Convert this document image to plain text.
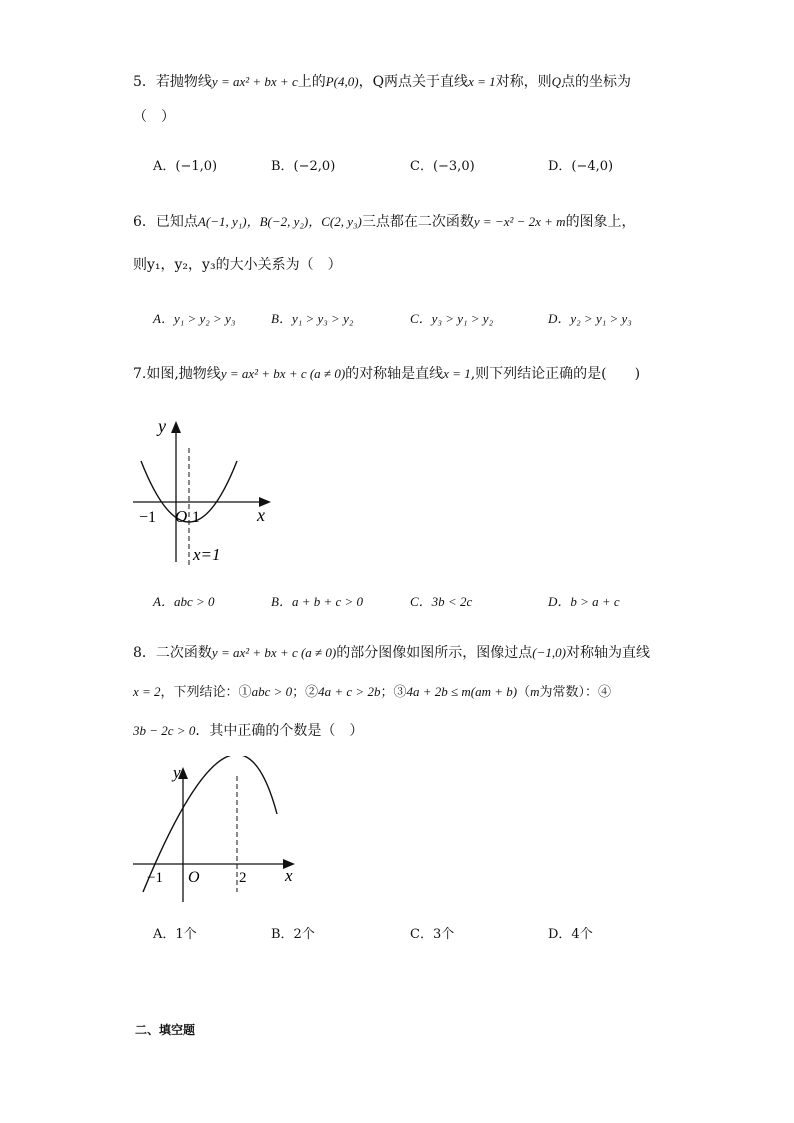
5．若抛物线y = ax² + bx + c上的P(4,0)，Q两点关于直线x = 1对称，则Q点的坐标为
（　）
A．(−1,0)	B．(−2,0)	C．(−3,0)	D．(−4,0)
6．已知点A(−1, y₁)，B(−2, y₂)，C(2, y₃)三点都在二次函数y = −x² − 2x + m的图象上，
则y₁，y₂，y₃的大小关系为（　）
A．y₁ > y₂ > y₃	B．y₁ > y₃ > y₂	C．y₃ > y₁ > y₂	D．y₂ > y₁ > y₃
7.如图,抛物线y = ax² + bx + c (a ≠ 0)的对称轴是直线x = 1,则下列结论正确的是(　　)
y
x
O
−1 1
x=1
A．abc > 0	B．a + b + c > 0	C．3b < 2c	D．b > a + c
8．二次函数y = ax² + bx + c (a ≠ 0)的部分图像如图所示，图像过点(−1,0)对称轴为直线
x = 2，下列结论：①abc > 0；②4a + c > 2b；③4a + 2b ≤ m(am + b)（m为常数）：④
3b − 2c > 0．其中正确的个数是（　）
y
x
O
−1	2
A．1个	B．2个	C．3个	D．4个
二、填空题
